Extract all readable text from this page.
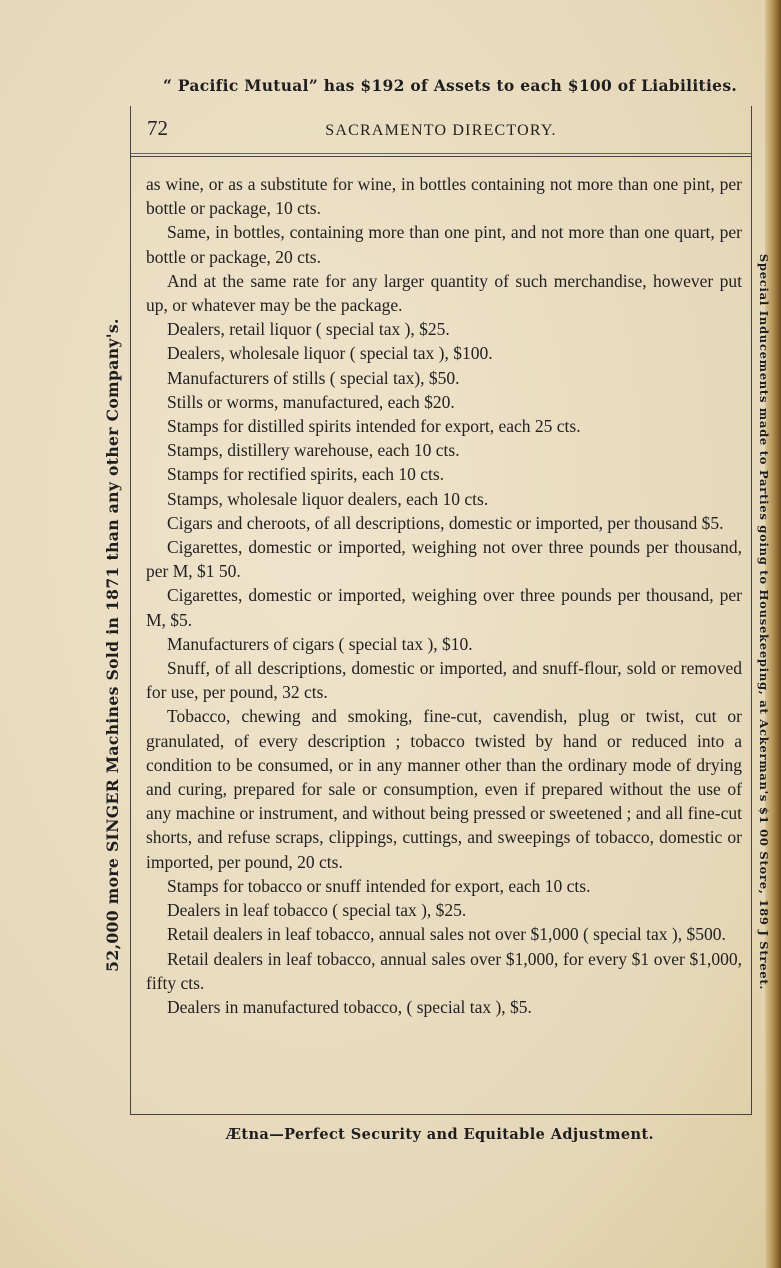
“ Pacific Mutual” has $192 of Assets to each $100 of Liabilities.
72	SACRAMENTO DIRECTORY.

as wine, or as a substitute for wine, in bottles containing not more than one pint, per bottle or package, 10 cts.

Same, in bottles, containing more than one pint, and not more than one quart, per bottle or package, 20 cts.

And at the same rate for any larger quantity of such merchandise, however put up, or whatever may be the package.

Dealers, retail liquor ( special tax ), $25.

Dealers, wholesale liquor ( special tax ), $100.

Manufacturers of stills ( special tax), $50.

Stills or worms, manufactured, each $20.

Stamps for distilled spirits intended for export, each 25 cts.

Stamps, distillery warehouse, each 10 cts.

Stamps for rectified spirits, each 10 cts.

Stamps, wholesale liquor dealers, each 10 cts.

Cigars and cheroots, of all descriptions, domestic or imported, per thousand $5.

Cigarettes, domestic or imported, weighing not over three pounds per thousand, per M, $1 50.

Cigarettes, domestic or imported, weighing over three pounds per thousand, per M, $5.

Manufacturers of cigars ( special tax ), $10.

Snuff, of all descriptions, domestic or imported, and snuff-flour, sold or removed for use, per pound, 32 cts.

Tobacco, chewing and smoking, fine-cut, cavendish, plug or twist, cut or granulated, of every description ; tobacco twisted by hand or reduced into a condition to be consumed, or in any manner other than the ordinary mode of drying and curing, prepared for sale or consumption, even if prepared without the use of any machine or instrument, and without being pressed or sweetened ; and all fine-cut shorts, and refuse scraps, clippings, cuttings, and sweepings of tobacco, domestic or imported, per pound, 20 cts.

Stamps for tobacco or snuff intended for export, each 10 cts.

Dealers in leaf tobacco ( special tax ), $25.

Retail dealers in leaf tobacco, annual sales not over $1,000 ( special tax ), $500.

Retail dealers in leaf tobacco, annual sales over $1,000, for every $1 over $1,000, fifty cts.

Dealers in manufactured tobacco, ( special tax ), $5.

52,000 more SINGER Machines Sold in 1871 than any other Company's.	Special Inducements made to Parties going to Housekeeping, at Ackerman's $1 00 Store, 189 J Street.
Ætna—Perfect Security and Equitable Adjustment.
